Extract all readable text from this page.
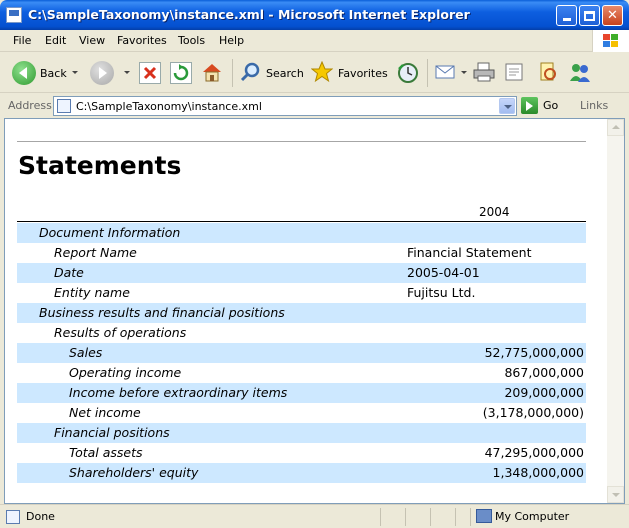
C:\SampleTaxonomy\instance.xml - Microsoft Internet Explorer	✕
File Edit View Favorites Tools Help
Back	Search	Favorites
Address C:\SampleTaxonomy\instance.xml	Go Links
Statements
2004
Document Information
Report Name	Financial Statement
Date	2005-04-01
Entity name	Fujitsu Ltd.
Business results and financial positions
Results of operations
Sales	52,775,000,000
Operating income	867,000,000
Income before extraordinary items	209,000,000
Net income	(3,178,000,000)
Financial positions
Total assets	47,295,000,000
Shareholders' equity	1,348,000,000
Done	My Computer
